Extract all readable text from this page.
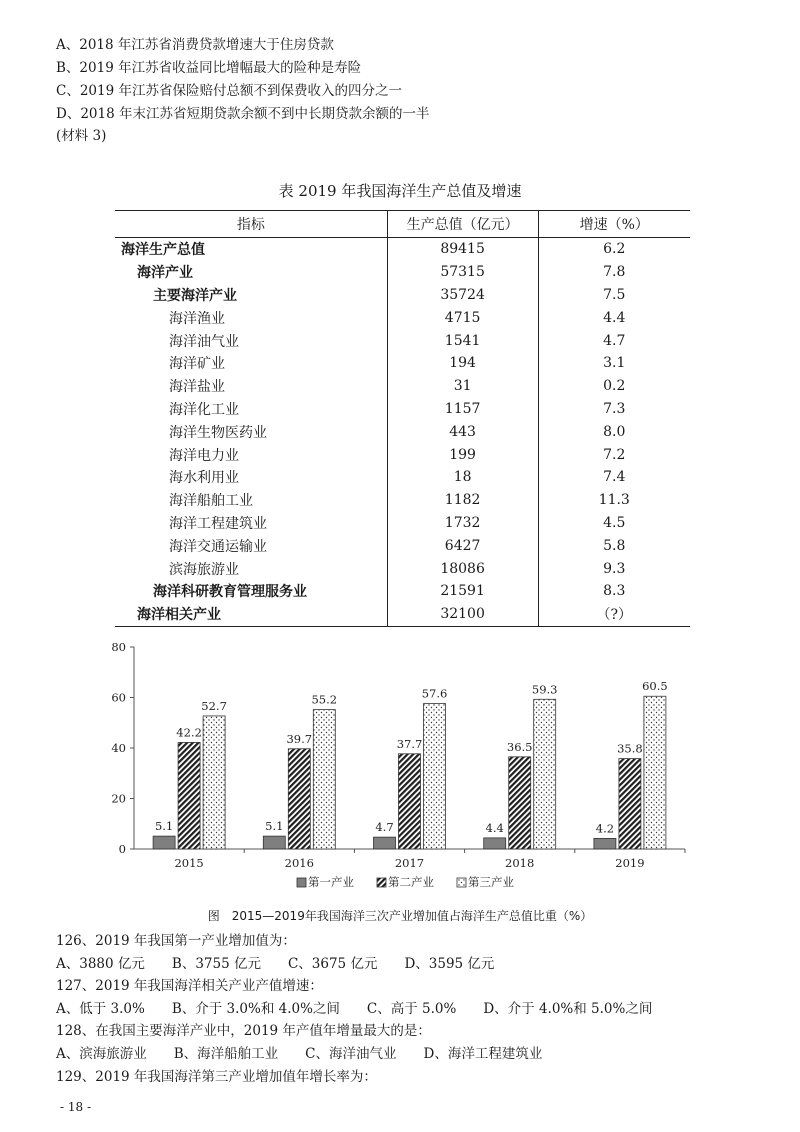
A、2018 年江苏省消费贷款增速大于住房贷款
B、2019 年江苏省收益同比增幅最大的险种是寿险
C、2019 年江苏省保险赔付总额不到保费收入的四分之一
D、2018 年末江苏省短期贷款余额不到中长期贷款余额的一半
(材料 3)
表 2019 年我国海洋生产总值及增速
指标	生产总值（亿元）	增速（%）
海洋生产总值	89415	6.2
海洋产业	57315	7.8
主要海洋产业	35724	7.5
海洋渔业	4715	4.4
海洋油气业	1541	4.7
海洋矿业	194	3.1
海洋盐业	31	0.2
海洋化工业	1157	7.3
海洋生物医药业	443	8.0
海洋电力业	199	7.2
海水利用业	18	7.4
海洋船舶工业	1182	11.3
海洋工程建筑业	1732	4.5
海洋交通运输业	6427	5.8
滨海旅游业	18086	9.3
海洋科研教育管理服务业	21591	8.3
海洋相关产业	32100	（?）
0
20
40
60
80
5.1
42.2
52.7
2015
5.1
39.7
55.2
2016
4.7
37.7
57.6
2017
4.4
36.5
59.3
2018
4.2
35.8
60.5
2019
第一产业	第二产业	第三产业
图　2015—2019年我国海洋三次产业增加值占海洋生产总值比重（%）
126、2019 年我国第一产业增加值为：
A、3880 亿元　　B、3755 亿元　　C、3675 亿元　　D、3595 亿元
127、2019 年我国海洋相关产业产值增速：
A、低于 3.0%　　B、介于 3.0%和 4.0%之间　　C、高于 5.0%　　D、介于 4.0%和 5.0%之间
128、在我国主要海洋产业中，2019 年产值年增量最大的是：
A、滨海旅游业　　B、海洋船舶工业　　C、海洋油气业　　D、海洋工程建筑业
129、2019 年我国海洋第三产业增加值年增长率为：
- 18 -
